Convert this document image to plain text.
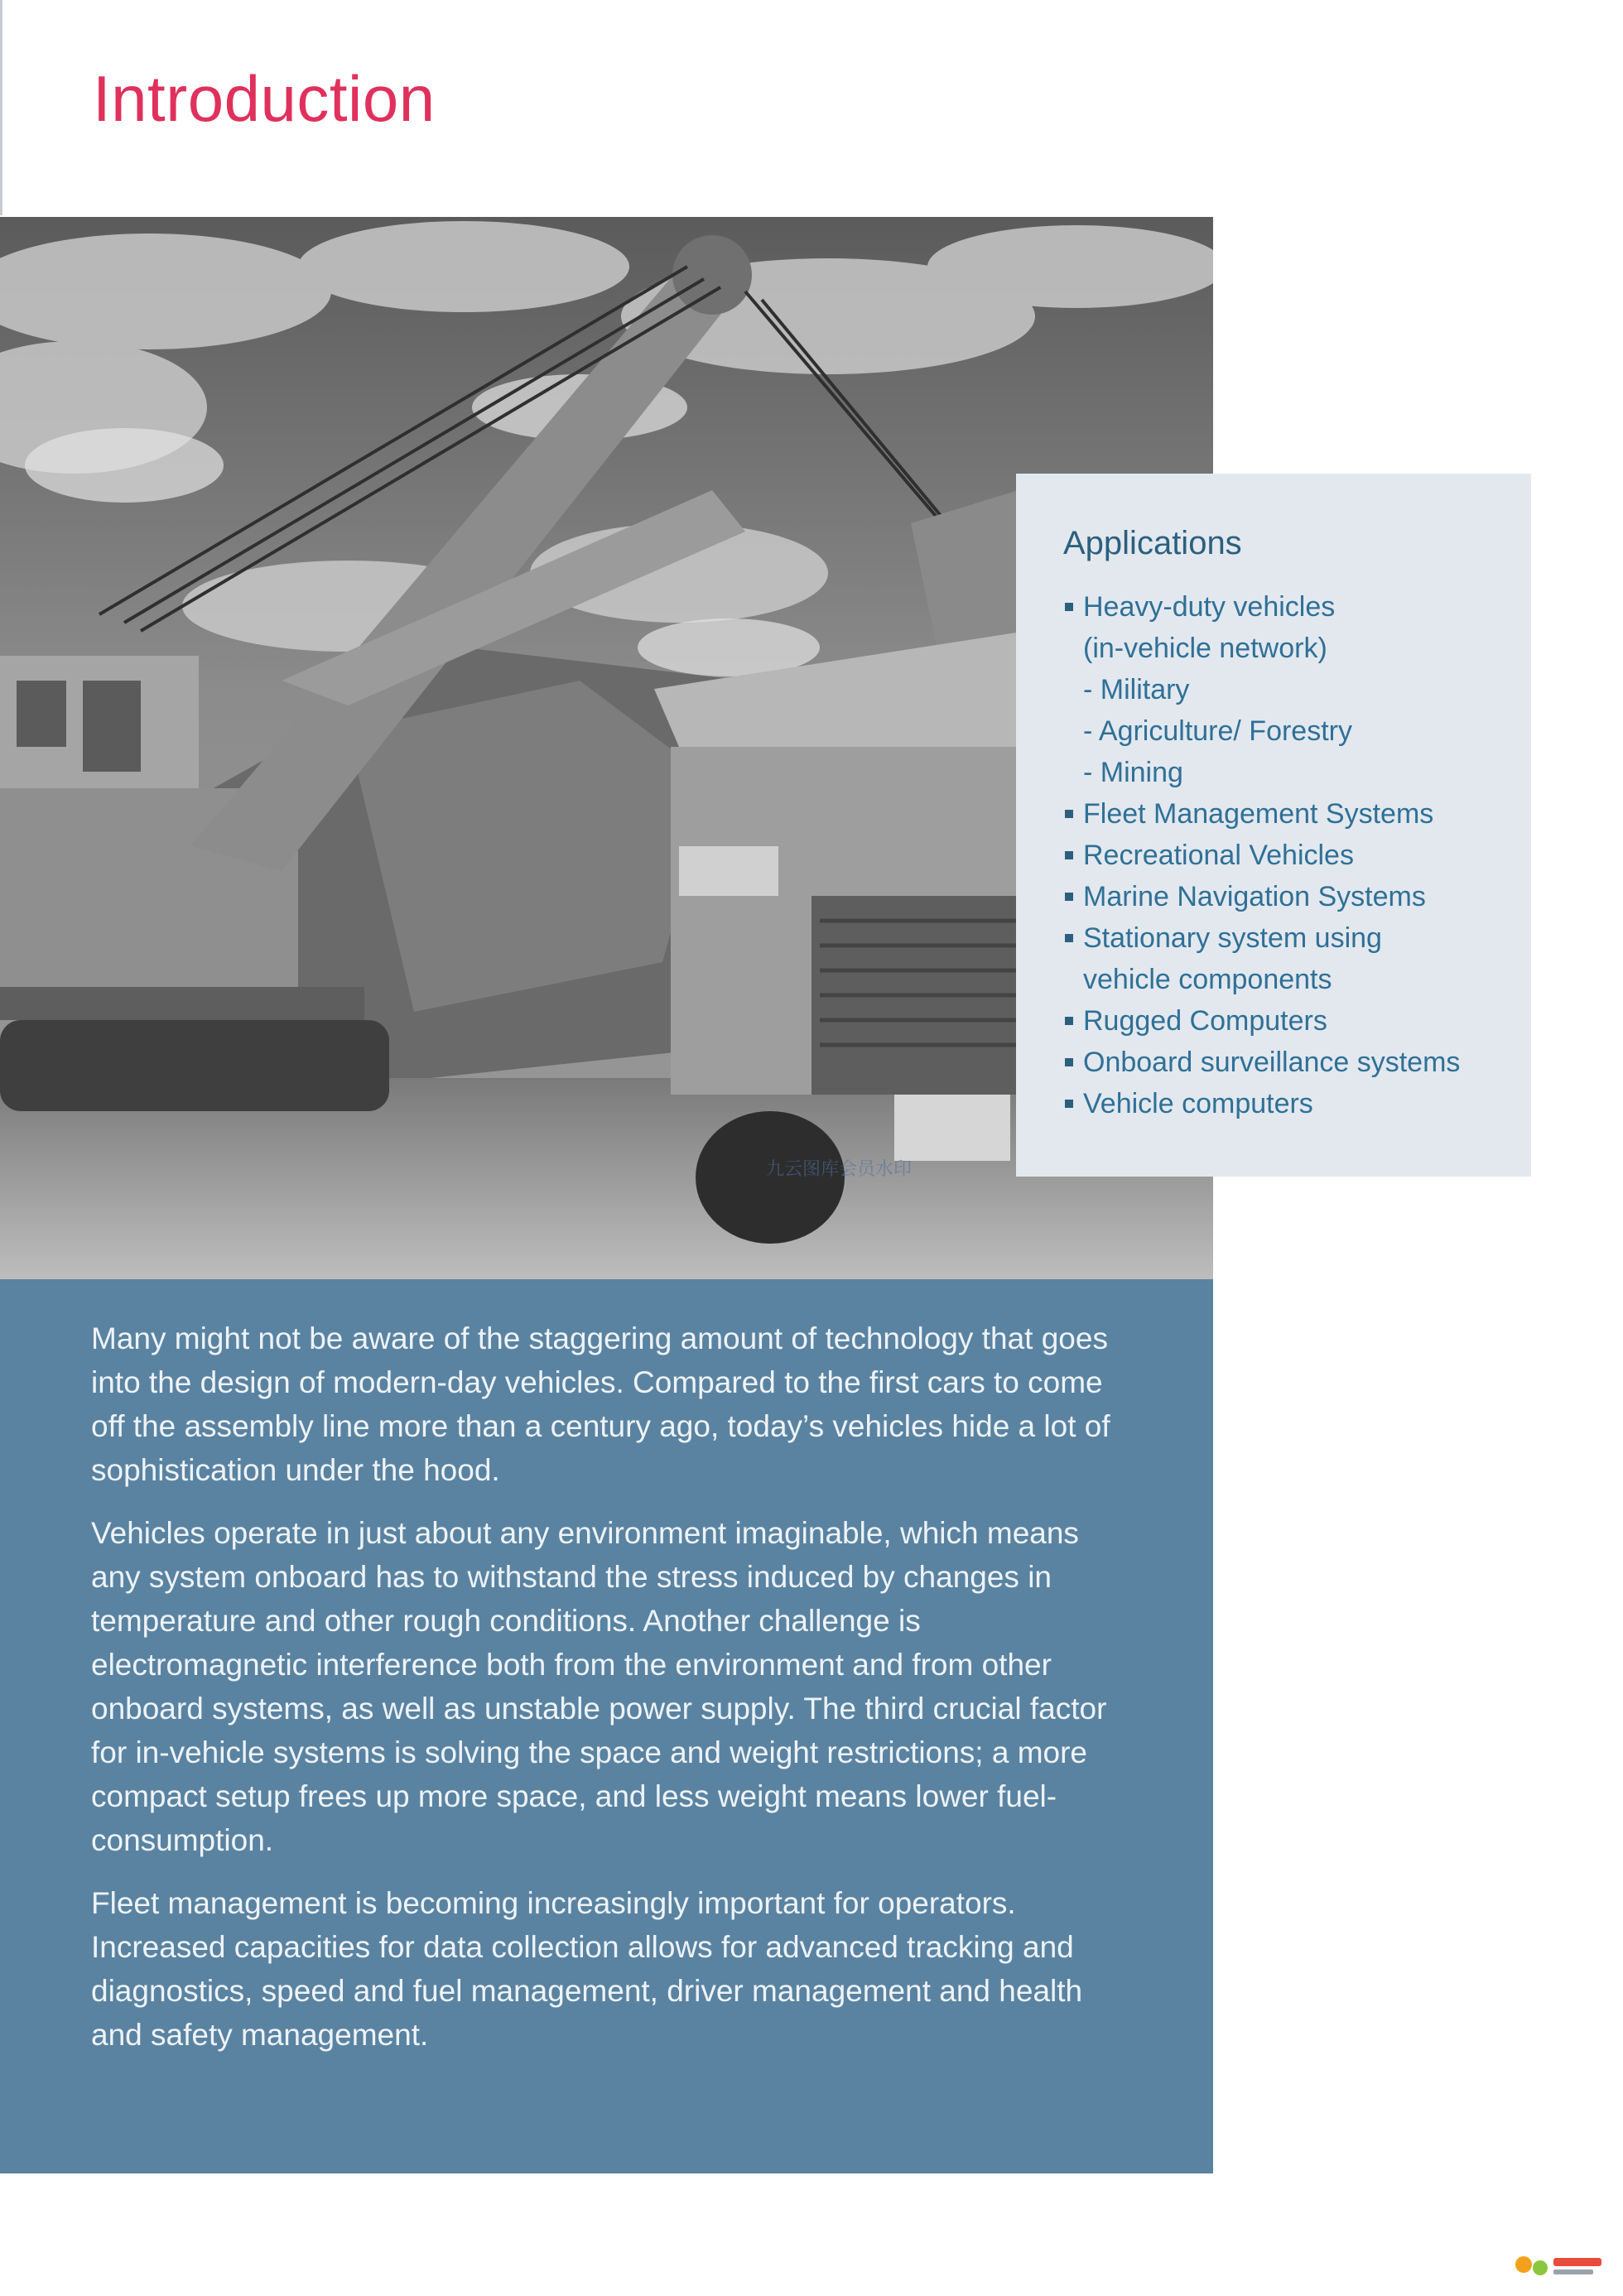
Introduction
Applications
Heavy-duty vehicles
(in-vehicle network)
- Military
- Agriculture/ Forestry
- Mining
Fleet Management Systems
Recreational Vehicles
Marine Navigation Systems
Stationary system using
vehicle components
Rugged Computers
Onboard surveillance systems
Vehicle computers

Many might not be aware of the staggering amount of technology that goes into the design of modern-day vehicles. Compared to the first cars to come off the assembly line more than a century ago, today’s vehicles hide a lot of sophistication under the hood.

Vehicles operate in just about any environment imaginable, which means any system onboard has to withstand the stress induced by changes in temperature and other rough conditions. Another challenge is electromagnetic interference both from the environment and from other onboard systems, as well as unstable power supply. The third crucial factor for in-vehicle systems is solving the space and weight restrictions; a more compact setup frees up more space, and less weight means lower fuel-consumption.

Fleet management is becoming increasingly important for operators. Increased capacities for data collection allows for advanced tracking and diagnostics, speed and fuel management, driver management and health and safety management.

九云图库会员水印
